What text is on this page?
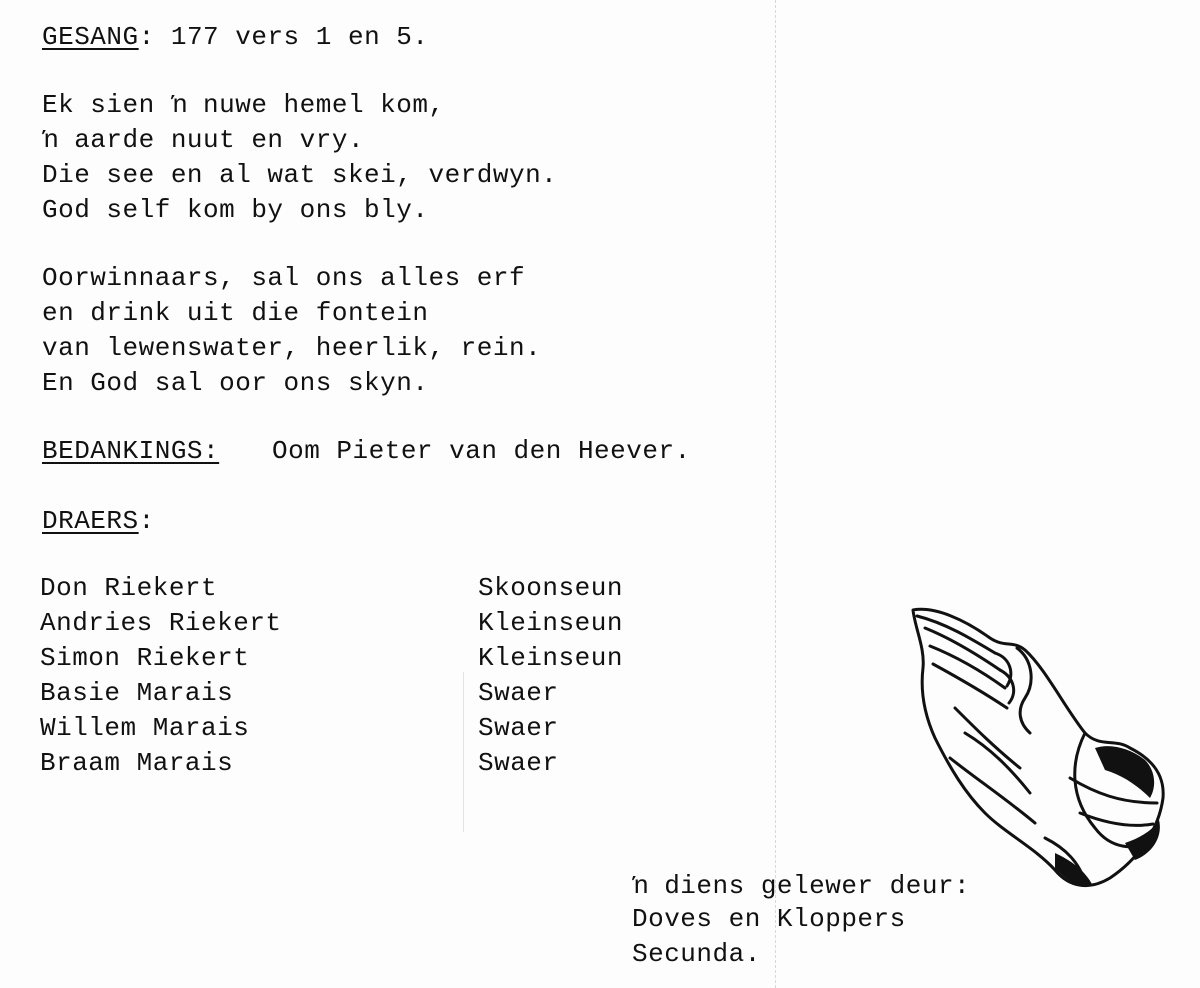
GESANG: 177 vers 1 en 5.
Ek sien ŉ nuwe hemel kom,
ŉ aarde nuut en vry.
Die see en al wat skei, verdwyn.
God self kom by ons bly.
Oorwinnaars, sal ons alles erf
en drink uit die fontein
van lewenswater, heerlik, rein.
En God sal oor ons skyn.
BEDANKINGS: Oom Pieter van den Heever.
DRAERS:
Don Riekert	Skoonseun
Andries Riekert	Kleinseun
Simon Riekert	Kleinseun
Basie Marais	Swaer
Willem Marais	Swaer
Braam Marais	Swaer
ŉ diens gelewer deur:
Doves en Kloppers
Secunda.
